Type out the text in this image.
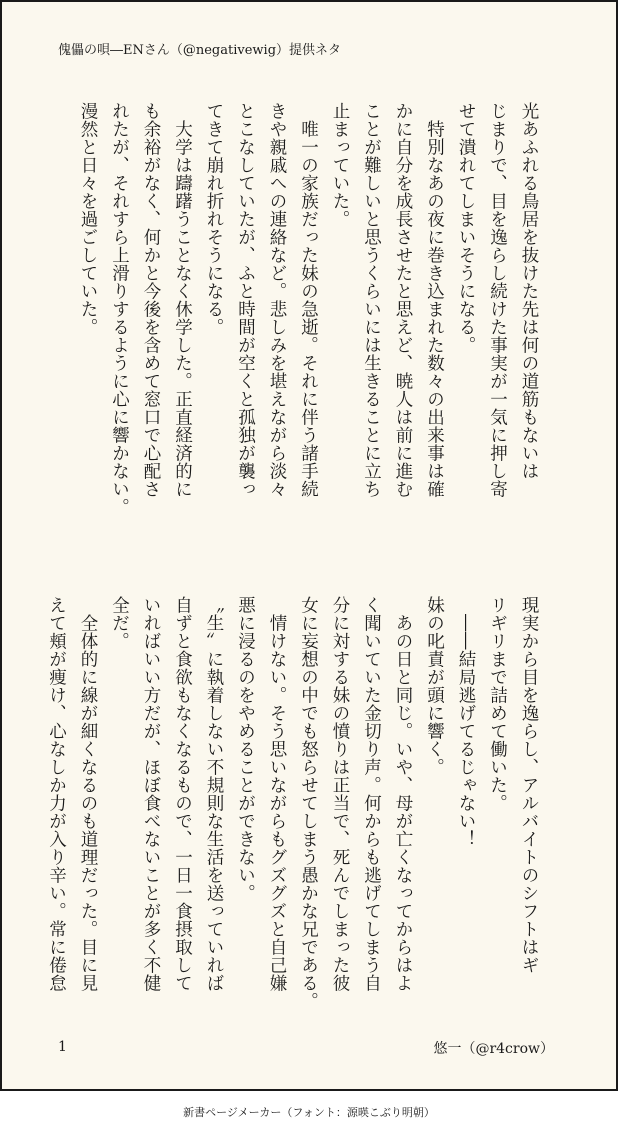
傀儡の唄―ENさん（@negativewig）提供ネタ
光あふれる鳥居を抜けた先は何の道筋もないは
じまりで、目を逸らし続けた事実が一気に押し寄
せて潰れてしまいそうになる。
　特別なあの夜に巻き込まれた数々の出来事は確
かに自分を成長させたと思えど、暁人は前に進む
ことが難しいと思うくらいには生きることに立ち
止まっていた。
　唯一の家族だった妹の急逝。それに伴う諸手続
きや親戚への連絡など。悲しみを堪えながら淡々
とこなしていたが、ふと時間が空くと孤独が襲っ
てきて崩れ折れそうになる。
　大学は躊躇うことなく休学した。正直経済的に
も余裕がなく、何かと今後を含めて窓口で心配さ
れたが、それすら上滑りするように心に響かない。
漫然と日々を過ごしていた。
現実から目を逸らし、アルバイトのシフトはギ
リギリまで詰めて働いた。
　――結局逃げてるじゃない！
妹の叱責が頭に響く。
　あの日と同じ。いや、母が亡くなってからはよ
く聞いていた金切り声。何からも逃げてしまう自
分に対する妹の憤りは正当で、死んでしまった彼
女に妄想の中でも怒らせてしまう愚かな兄である。
　情けない。そう思いながらもグズグズと自己嫌
悪に浸るのをやめることができない。
〝生〟に執着しない不規則な生活を送っていれば
自ずと食欲もなくなるもので、一日一食摂取して
いればいい方だが、ほぼ食べないことが多く不健
全だ。
　全体的に線が細くなるのも道理だった。目に見
えて頬が痩け、心なしか力が入り辛い。常に倦怠
1	悠一（@r4crow）
新書ページメーカー（フォント：源暎こぶり明朝）
